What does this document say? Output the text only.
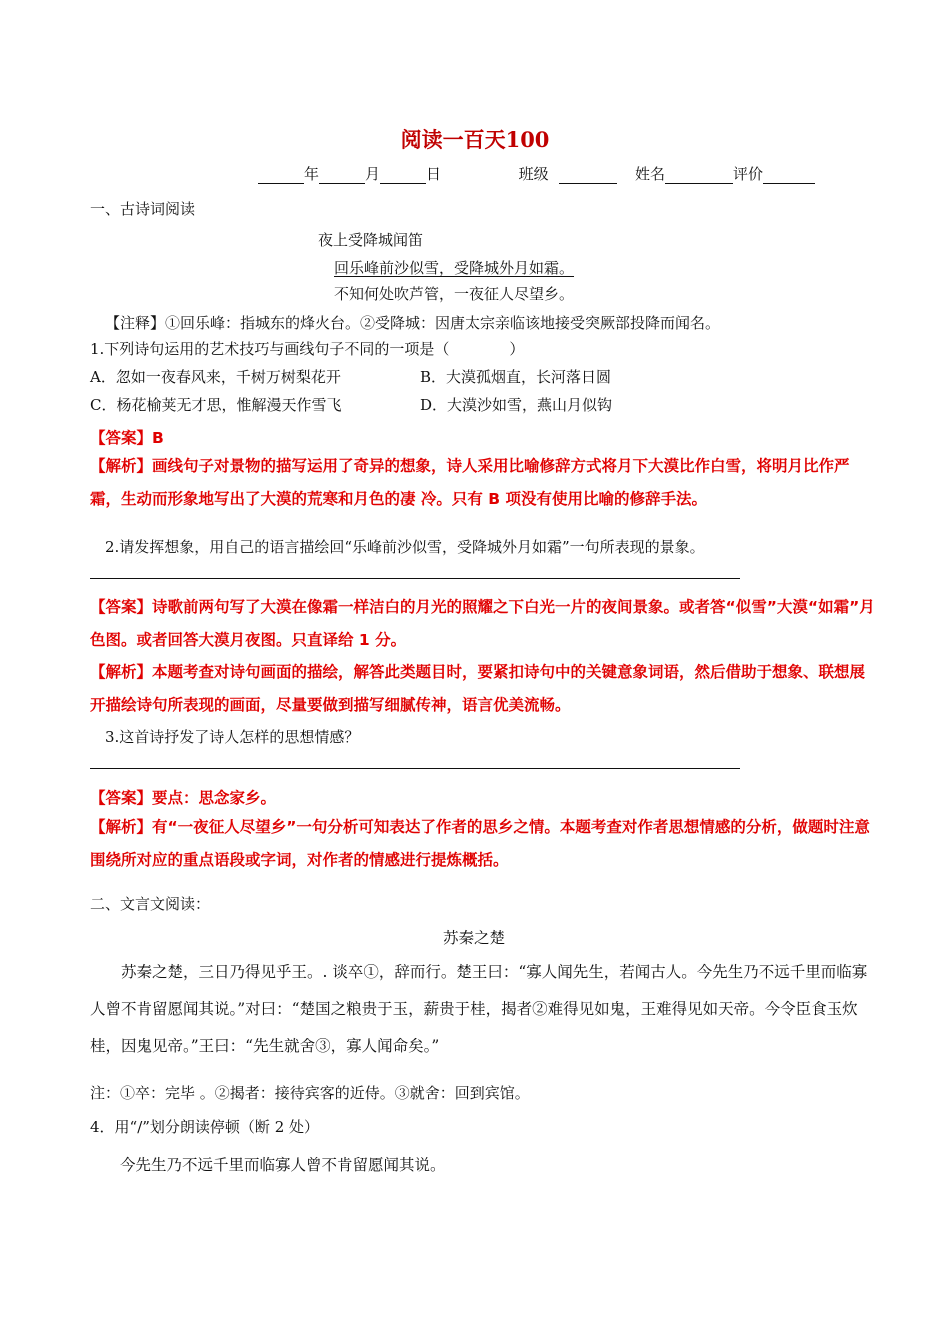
阅读一百天100
年	月	日	班级	姓名	评价
一、古诗词阅读
夜上受降城闻笛
回乐峰前沙似雪，受降城外月如霜。
不知何处吹芦管，一夜征人尽望乡。
【注释】①回乐峰：指城东的烽火台。②受降城：因唐太宗亲临该地接受突厥部投降而闻名。
1.下列诗句运用的艺术技巧与画线句子不同的一项是（　　　　）
A．忽如一夜春风来，千树万树梨花开	B．大漠孤烟直，长河落日圆
C．杨花榆荚无才思，惟解漫天作雪飞	D．大漠沙如雪，燕山月似钩
【答案】B
【解析】画线句子对景物的描写运用了奇异的想象，诗人采用比喻修辞方式将月下大漠比作白雪，将明月比作严霜，生动而形象地写出了大漠的荒寒和月色的凄 冷。只有 B 项没有使用比喻的修辞手法。
2.请发挥想象，用自己的语言描绘回“乐峰前沙似雪，受降城外月如霜”一句所表现的景象。
【答案】诗歌前两句写了大漠在像霜一样洁白的月光的照耀之下白光一片的夜间景象。或者答“似雪”大漠“如霜”月色图。或者回答大漠月夜图。只直译给 1 分。
【解析】本题考查对诗句画面的描绘，解答此类题目时，要紧扣诗句中的关键意象词语，然后借助于想象、联想展开描绘诗句所表现的画面，尽量要做到描写细腻传神，语言优美流畅。
3.这首诗抒发了诗人怎样的思想情感？
【答案】要点：思念家乡。
【解析】有“一夜征人尽望乡”一句分析可知表达了作者的思乡之情。本题考查对作者思想情感的分析，做题时注意围绕所对应的重点语段或字词，对作者的情感进行提炼概括。
二、文言文阅读：
苏秦之楚
苏秦之楚，三日乃得见乎王。. 谈卒①，辞而行。楚王曰：“寡人闻先生，若闻古人。今先生乃不远千里而临寡人曾不肯留愿闻其说。”对曰：“楚国之粮贵于玉，薪贵于桂，揭者②难得见如鬼，王难得见如天帝。今令臣食玉炊桂，因鬼见帝。”王曰：“先生就舍③，寡人闻命矣。”
注：①卒：完毕 。②揭者：接待宾客的近侍。③就舍：回到宾馆。
4．用“/”划分朗读停顿（断 2 处）
今先生乃不远千里而临寡人曾不肯留愿闻其说。
